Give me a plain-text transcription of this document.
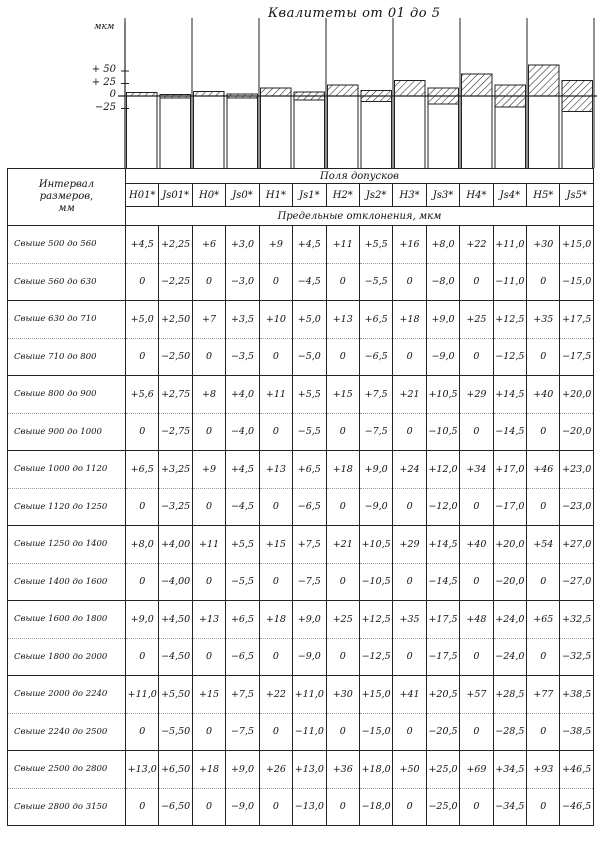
Квалитеты от 01 до 5
мкм
+ 50
+ 25
0
−25
Интервал
размеров,
мм	Поля допусков													
	H01*	Js01*	H0*	Js0*	H1*	Js1*	H2*	Js2*	H3*	Js3*	H4*	Js4*	H5*	Js5*
	Предельные отклонения, мкм													
Свыше 500 до 560	+4,5	+2,25	+6	+3,0	+9	+4,5	+11	+5,5	+16	+8,0	+22	+11,0	+30	+15,0
Свыше 560 до 630	0	−2,25	0	−3,0	0	−4,5	0	−5,5	0	−8,0	0	−11,0	0	−15,0
Свыше 630 до 710	+5,0	+2,50	+7	+3,5	+10	+5,0	+13	+6,5	+18	+9,0	+25	+12,5	+35	+17,5
Свыше 710 до 800	0	−2,50	0	−3,5	0	−5,0	0	−6,5	0	−9,0	0	−12,5	0	−17,5
Свыше 800 до 900	+5,6	+2,75	+8	+4,0	+11	+5,5	+15	+7,5	+21	+10,5	+29	+14,5	+40	+20,0
Свыше 900 до 1000	0	−2,75	0	−4,0	0	−5,5	0	−7,5	0	−10,5	0	−14,5	0	−20,0
Свыше 1000 до 1120	+6,5	+3,25	+9	+4,5	+13	+6,5	+18	+9,0	+24	+12,0	+34	+17,0	+46	+23,0
Свыше 1120 до 1250	0	−3,25	0	−4,5	0	−6,5	0	−9,0	0	−12,0	0	−17,0	0	−23,0
Свыше 1250 до 1400	+8,0	+4,00	+11	+5,5	+15	+7,5	+21	+10,5	+29	+14,5	+40	+20,0	+54	+27,0
Свыше 1400 до 1600	0	−4,00	0	−5,5	0	−7,5	0	−10,5	0	−14,5	0	−20,0	0	−27,0
Свыше 1600 до 1800	+9,0	+4,50	+13	+6,5	+18	+9,0	+25	+12,5	+35	+17,5	+48	+24,0	+65	+32,5
Свыше 1800 до 2000	0	−4,50	0	−6,5	0	−9,0	0	−12,5	0	−17,5	0	−24,0	0	−32,5
Свыше 2000 до 2240	+11,0	+5,50	+15	+7,5	+22	+11,0	+30	+15,0	+41	+20,5	+57	+28,5	+77	+38,5
Свыше 2240 до 2500	0	−5,50	0	−7,5	0	−11,0	0	−15,0	0	−20,5	0	−28,5	0	−38,5
Свыше 2500 до 2800	+13,0	+6,50	+18	+9,0	+26	+13,0	+36	+18,0	+50	+25,0	+69	+34,5	+93	+46,5
Свыше 2800 до 3150	0	−6,50	0	−9,0	0	−13,0	0	−18,0	0	−25,0	0	−34,5	0	−46,5
